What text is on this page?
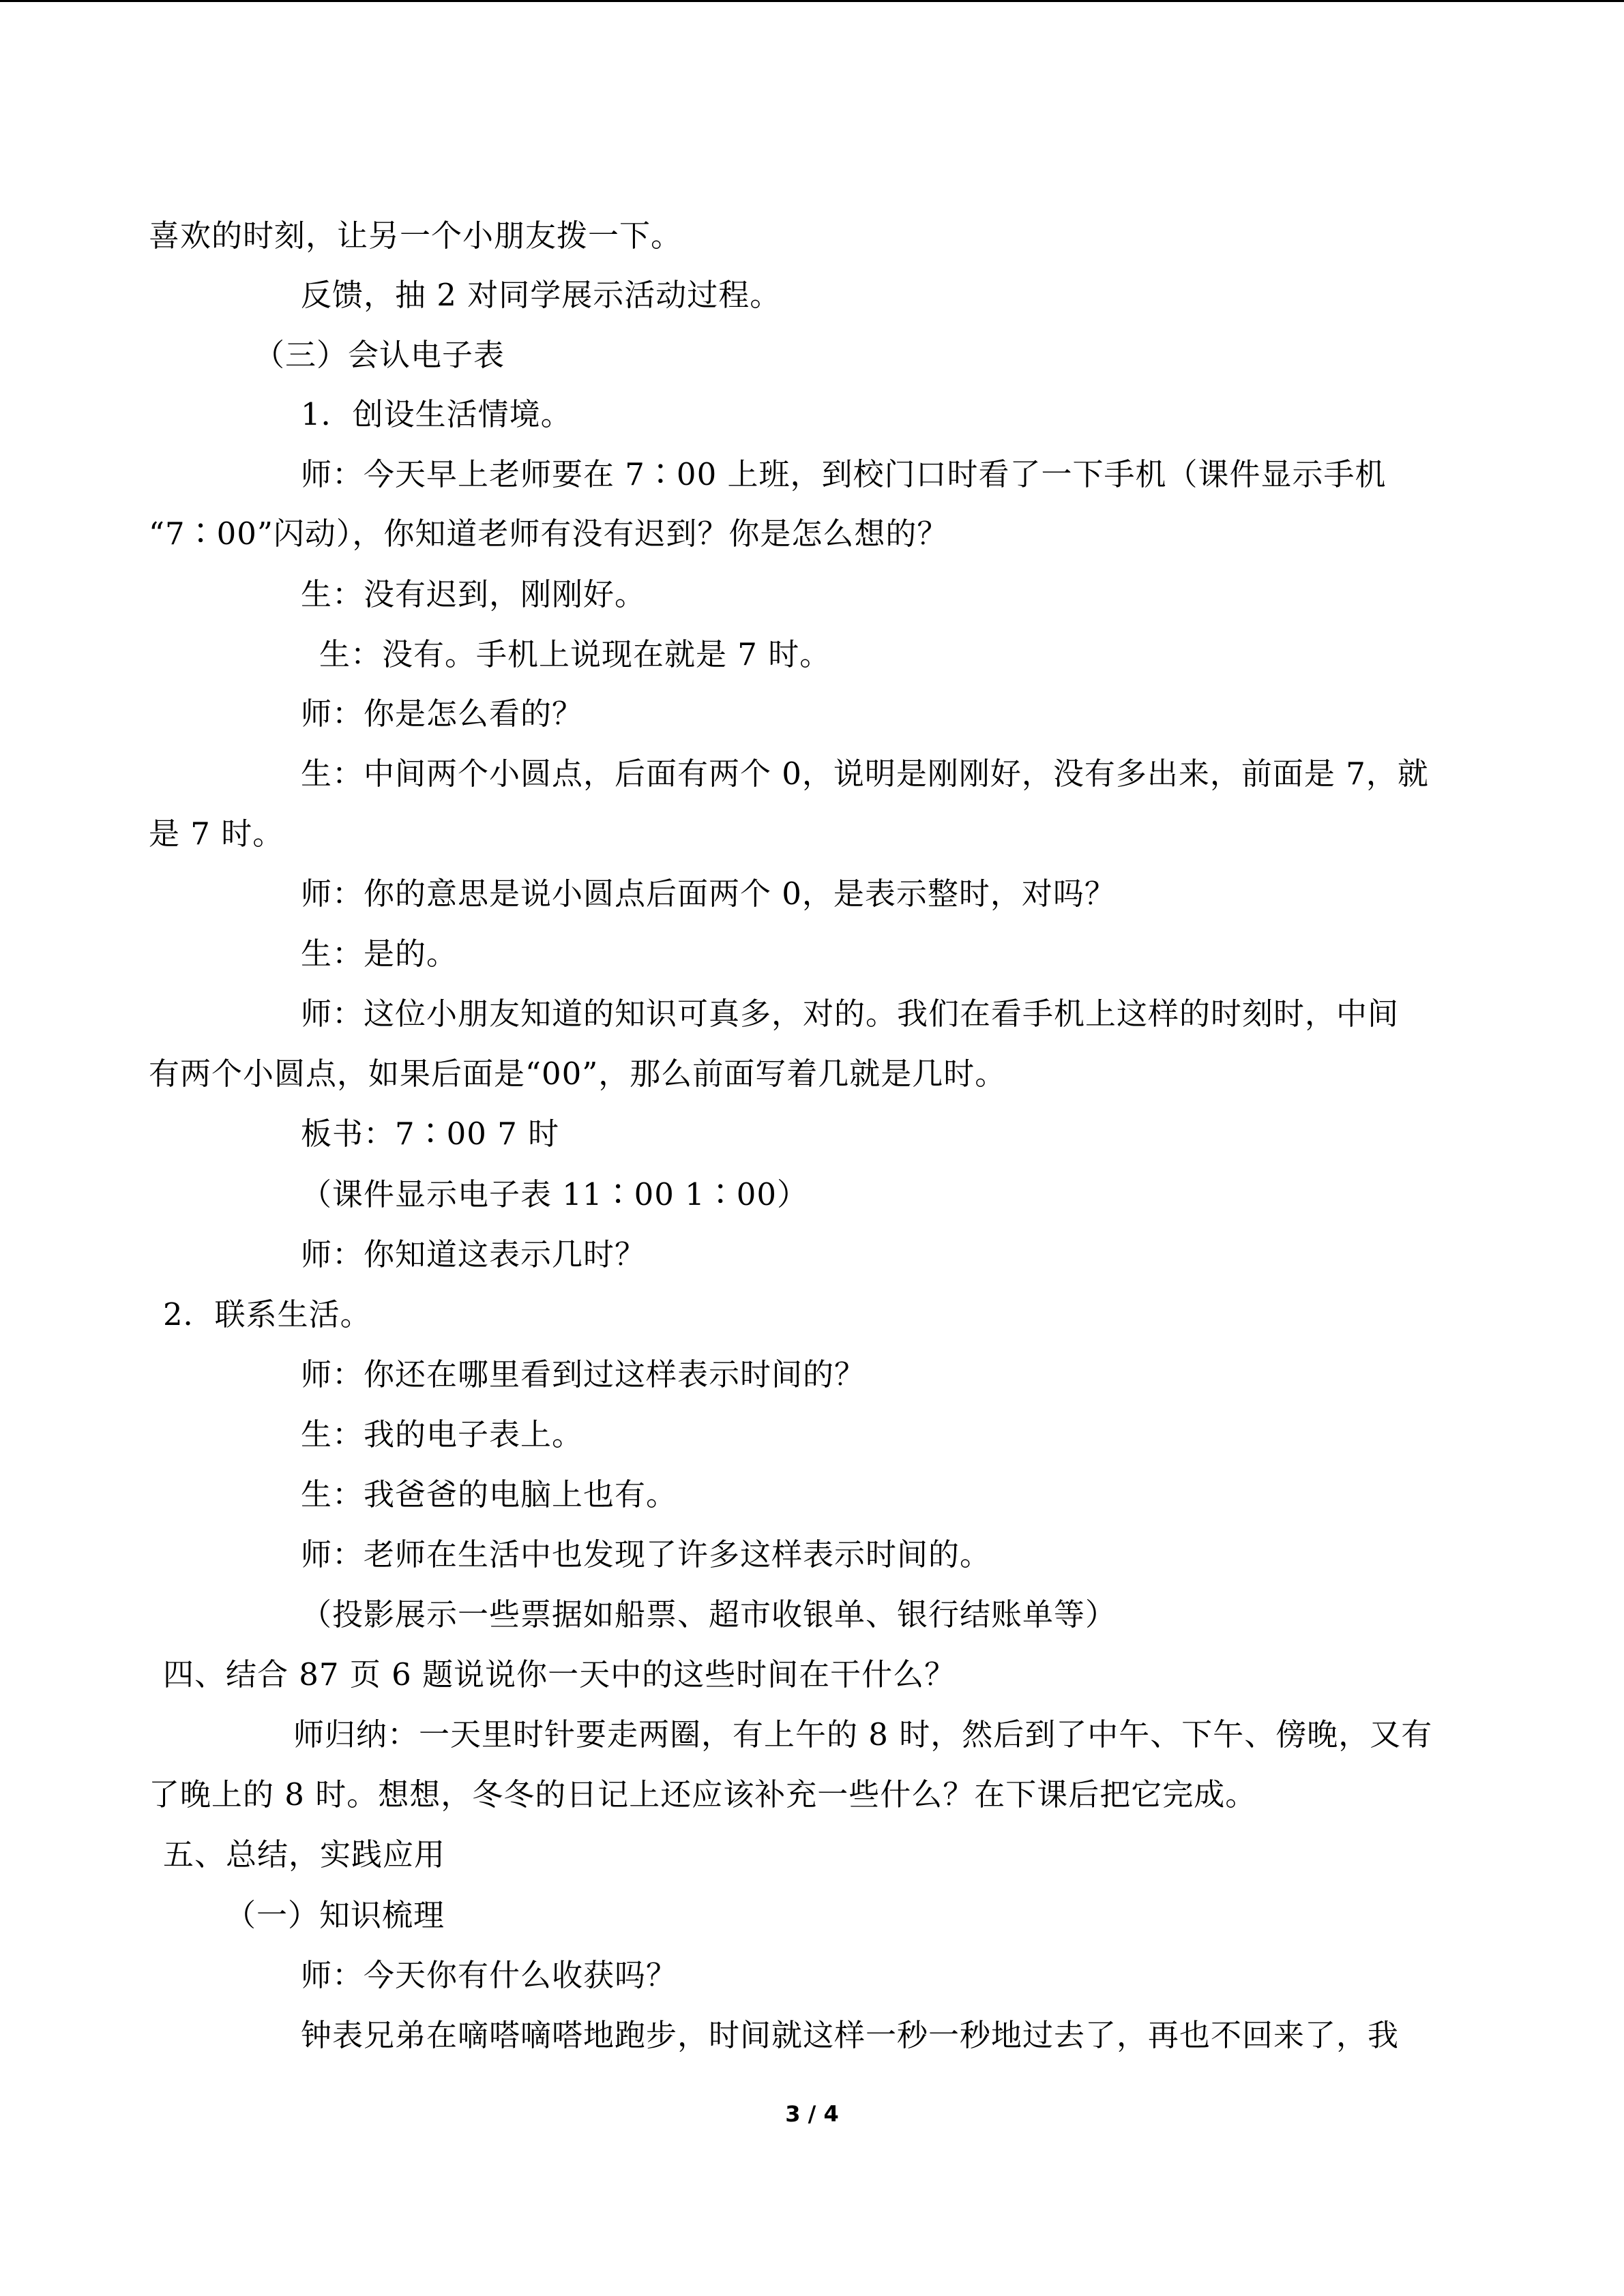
喜欢的时刻，让另一个小朋友拨一下。
反馈，抽 2 对同学展示活动过程。
（三）会认电子表
1．创设生活情境。
师：今天早上老师要在 7∶00 上班，到校门口时看了一下手机（课件显示手机
“7∶00”闪动），你知道老师有没有迟到？你是怎么想的？
生：没有迟到，刚刚好。
生：没有。手机上说现在就是 7 时。
师：你是怎么看的？
生：中间两个小圆点，后面有两个 0，说明是刚刚好，没有多出来，前面是 7，就
是 7 时。
师：你的意思是说小圆点后面两个 0，是表示整时，对吗？
生：是的。
师：这位小朋友知道的知识可真多，对的。我们在看手机上这样的时刻时，中间
有两个小圆点，如果后面是“00”，那么前面写着几就是几时。
板书：7∶00 7 时
（课件显示电子表 11∶00 1∶00）
师：你知道这表示几时？
2．联系生活。
师：你还在哪里看到过这样表示时间的？
生：我的电子表上。
生：我爸爸的电脑上也有。
师：老师在生活中也发现了许多这样表示时间的。
（投影展示一些票据如船票、超市收银单、银行结账单等）
四、结合 87 页 6 题说说你一天中的这些时间在干什么？
师归纳：一天里时针要走两圈，有上午的 8 时，然后到了中午、下午、傍晚，又有
了晚上的 8 时。想想，冬冬的日记上还应该补充一些什么？在下课后把它完成。
五、总结，实践应用
（一）知识梳理
师：今天你有什么收获吗？
钟表兄弟在嘀嗒嘀嗒地跑步，时间就这样一秒一秒地过去了，再也不回来了，我
3 / 4
